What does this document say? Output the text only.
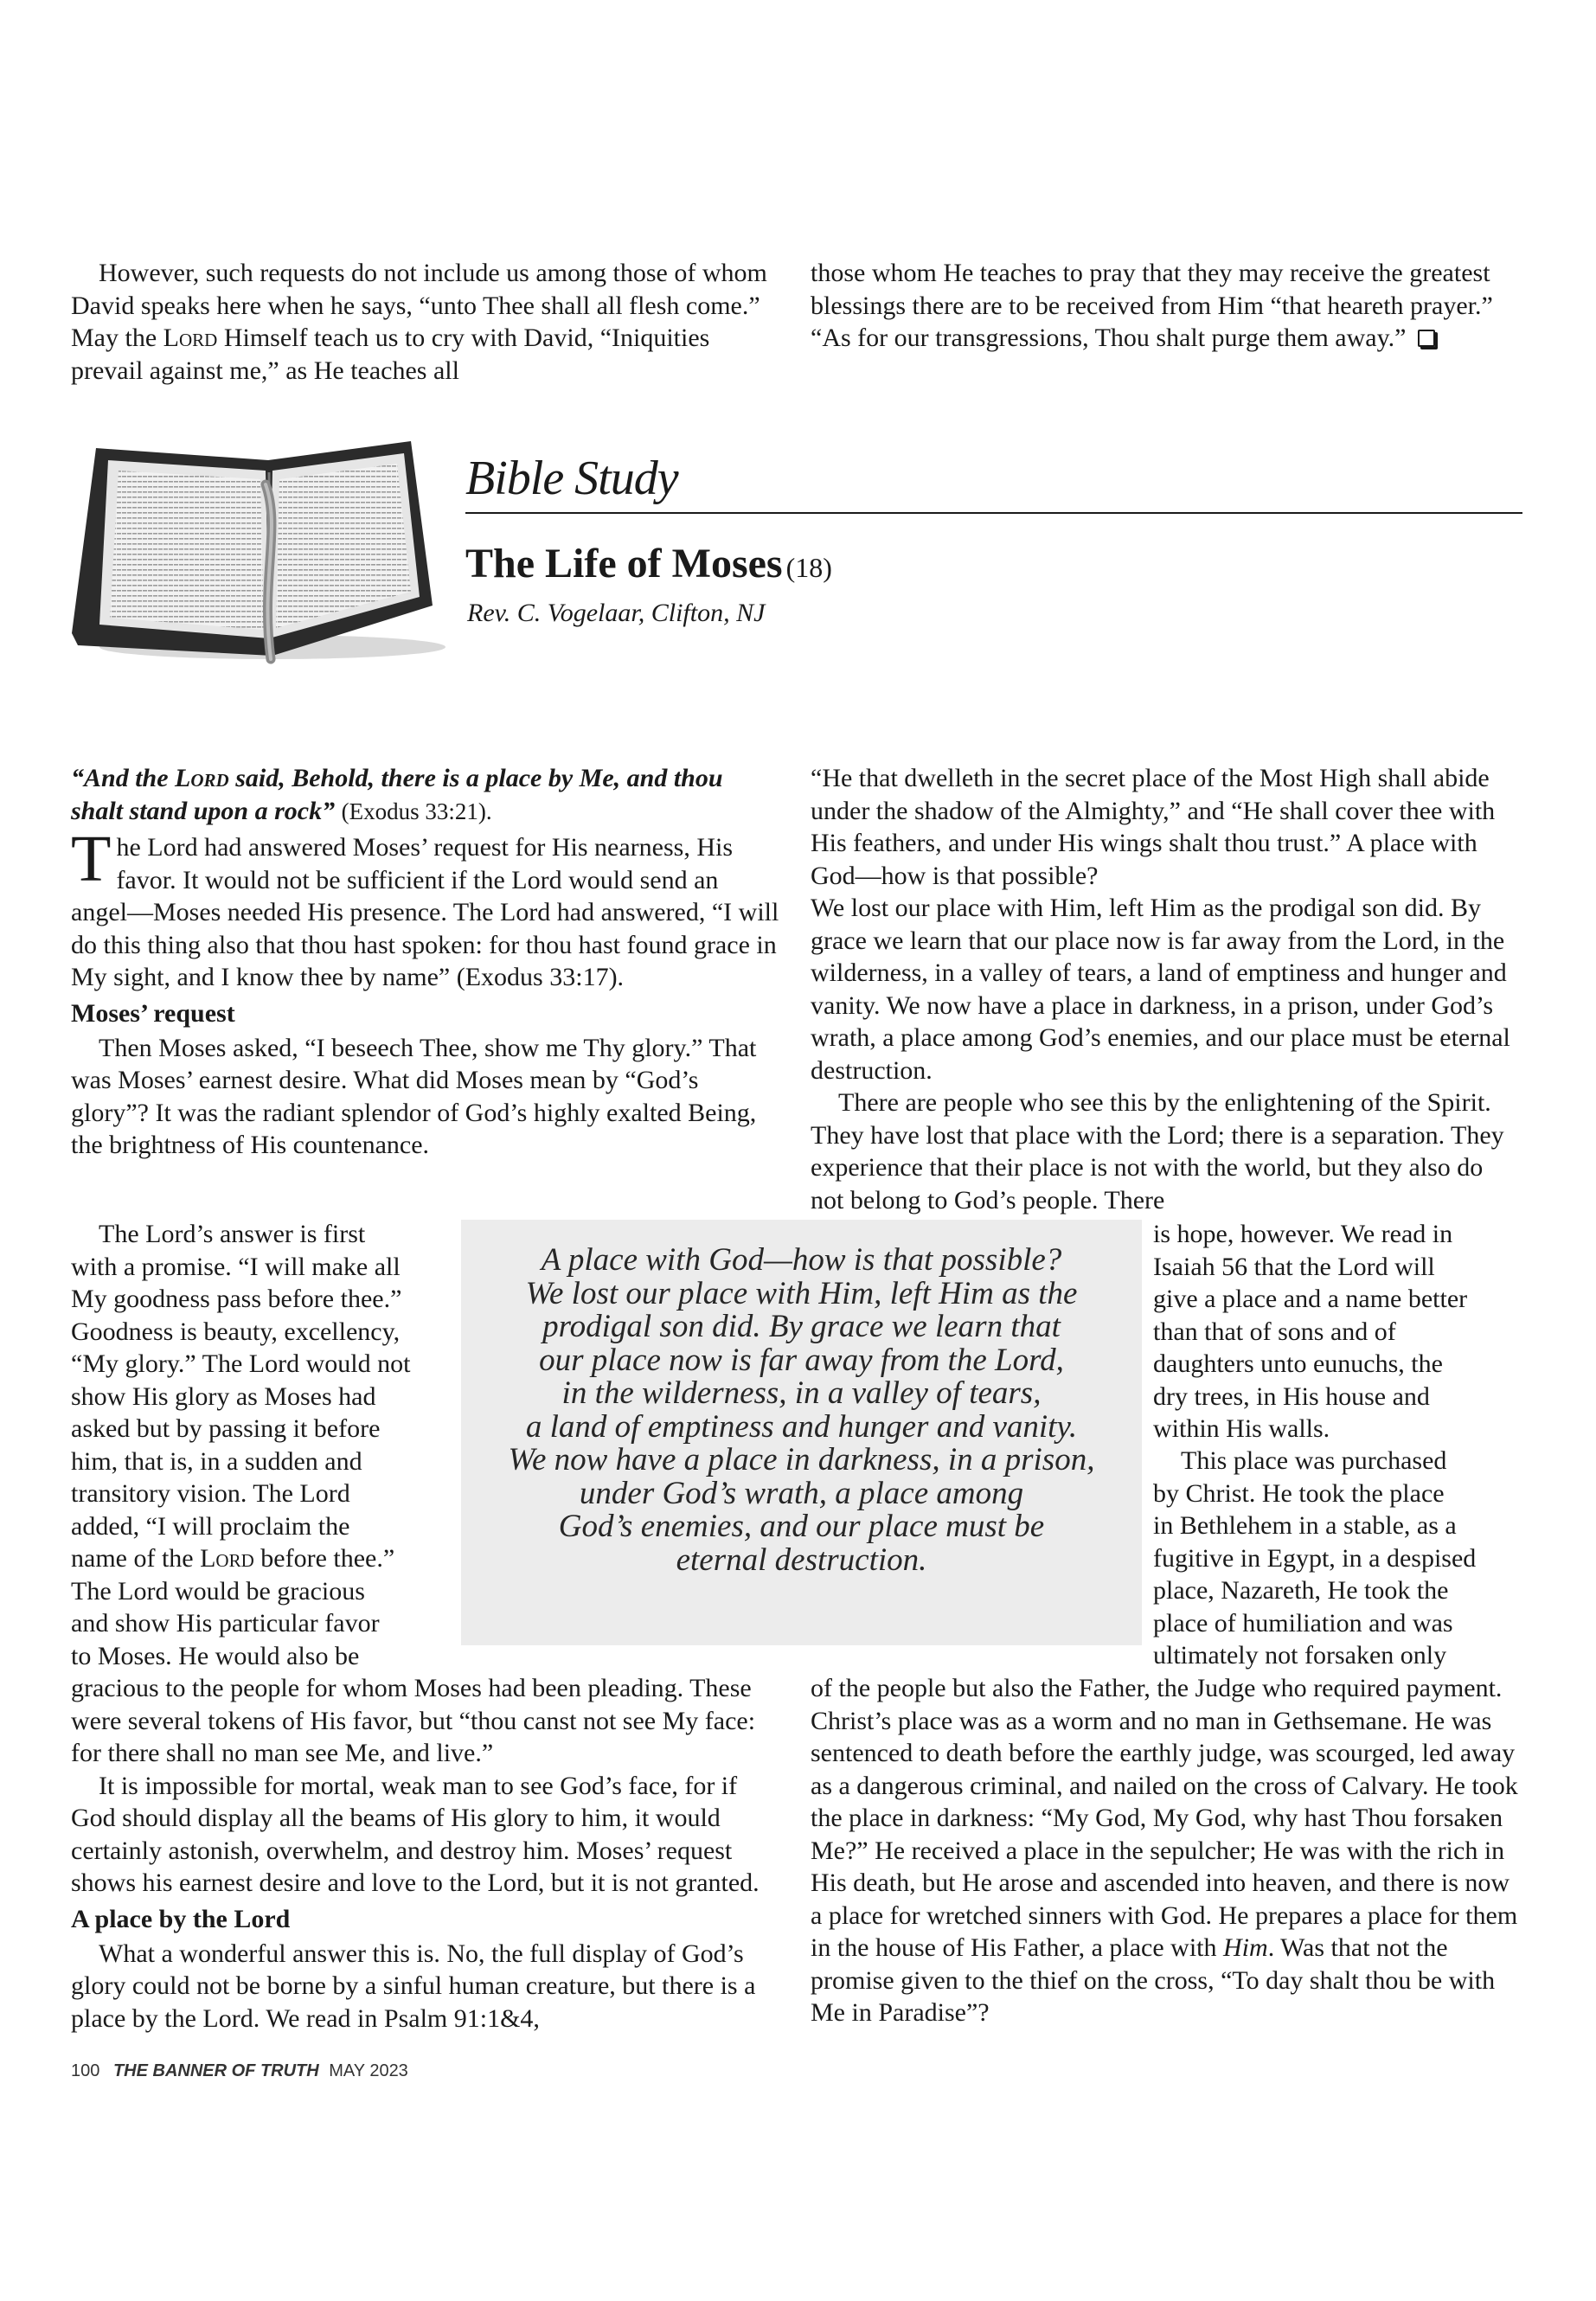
However, such requests do not include us among those of whom David speaks here when he says, “unto Thee shall all flesh come.” May the Lord Himself teach us to cry with David, “Iniquities prevail against me,” as He teaches all

those whom He teaches to pray that they may receive the greatest blessings there are to be received from Him “that heareth prayer.” “As for our transgressions, Thou shalt purge them away.”

Bible Study
The Life of Moses (18)
Rev. C. Vogelaar, Clifton, NJ

“And the Lord said, Behold, there is a place by Me, and thou shalt stand upon a rock” (Exodus 33:21).

The Lord had answered Moses’ request for His nearness, His favor. It would not be sufficient if the Lord would send an angel—Moses needed His presence. The Lord had answered, “I will do this thing also that thou hast spoken: for thou hast found grace in My sight, and I know thee by name” (Exodus 33:17).

Moses’ request

Then Moses asked, “I beseech Thee, show me Thy glory.” That was Moses’ earnest desire. What did Moses mean by “God’s glory”? It was the radiant splendor of God’s highly exalted Being, the brightness of His countenance.

The Lord’s answer is first
with a promise. “I will make all
My goodness pass before thee.”
Goodness is beauty, excellency,
“My glory.” The Lord would not
show His glory as Moses had
asked but by passing it before
him, that is, in a sudden and
transitory vision. The Lord
added, “I will proclaim the
name of the Lord before thee.”
The Lord would be gracious
and show His particular favor
to Moses. He would also be

gracious to the people for whom Moses had been pleading. These were several tokens of His favor, but “thou canst not see My face: for there shall no man see Me, and live.”

It is impossible for mortal, weak man to see God’s face, for if God should display all the beams of His glory to him, it would certainly astonish, overwhelm, and destroy him. Moses’ request shows his earnest desire and love to the Lord, but it is not granted.

A place by the Lord

What a wonderful answer this is. No, the full display of God’s glory could not be borne by a sinful human creature, but there is a place by the Lord. We read in Psalm 91:1&4,

“He that dwelleth in the secret place of the Most High shall abide under the shadow of the Almighty,” and “He shall cover thee with His feathers, and under His wings shalt thou trust.” A place with God—how is that possible?

We lost our place with Him, left Him as the prodigal son did. By grace we learn that our place now is far away from the Lord, in the wilderness, in a valley of tears, a land of emptiness and hunger and vanity. We now have a place in darkness, in a prison, under God’s wrath, a place among God’s enemies, and our place must be eternal destruction.

There are people who see this by the enlightening of the Spirit. They have lost that place with the Lord; there is a separation. They experience that their place is not with the world, but they also do not belong to God’s people. There

is hope, however. We read in
Isaiah 56 that the Lord will
give a place and a name better
than that of sons and of
daughters unto eunuchs, the
dry trees, in His house and
within His walls.
This place was purchased
by Christ. He took the place
in Bethlehem in a stable, as a
fugitive in Egypt, in a despised
place, Nazareth, He took the
place of humiliation and was
ultimately not forsaken only

of the people but also the Father, the Judge who required payment. Christ’s place was as a worm and no man in Gethsemane. He was sentenced to death before the earthly judge, was scourged, led away as a dangerous criminal, and nailed on the cross of Calvary. He took the place in darkness: “My God, My God, why hast Thou forsaken Me?” He received a place in the sepulcher; He was with the rich in His death, but He arose and ascended into heaven, and there is now a place for wretched sinners with God. He prepares a place for them in the house of His Father, a place with Him. Was that not the promise given to the thief on the cross, “To day shalt thou be with Me in Paradise”?

A place with God—how is that possible?

We lost our place with Him, left Him as the

prodigal son did. By grace we learn that

our place now is far away from the Lord,

in the wilderness, in a valley of tears,

a land of emptiness and hunger and vanity.

We now have a place in darkness, in a prison,

under God’s wrath, a place among

God’s enemies, and our place must be

eternal destruction.

100 THE BANNER OF TRUTH MAY 2023
